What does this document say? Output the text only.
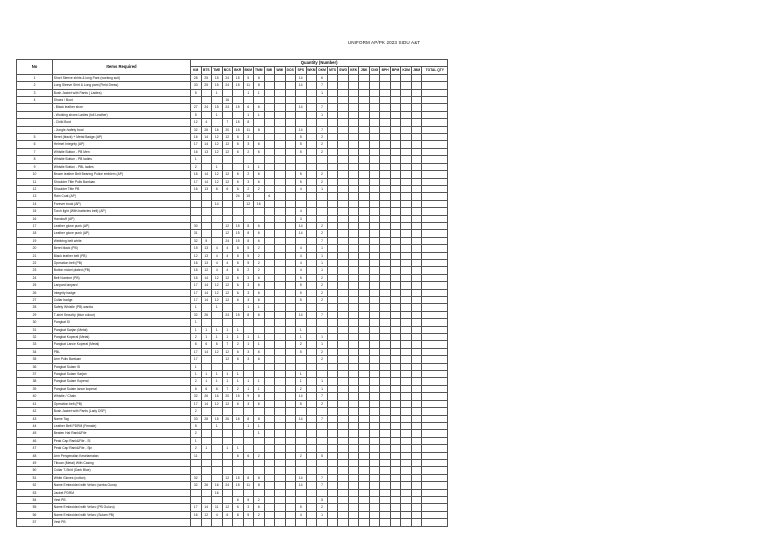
UNIFORM AP/PK 2023 SIDU A&T
No	Items Required	Quantity (Number)																						
		KM	BTS	TME	BCS	BKR	BKM	TMM	SMI	WMI	DOS	SPS	WKM	DKM	MTS	SWG	KEK	JBK	CNG	BPH	BPM	KDM	JBM	TOTAL QTY
1	Short Sleeve shirts & long Pant (working suit)	28	25	15	24	15	5	8				14		6										
2	Long Sleeve Shirt & Long pant (Field Dress)	33	25	15	24	15	11	8				14		7										
3	Bush Jacket with Pants ( Ladies)	5		1			1	1						1										
4	Shoes / Boot				16																			
	- Black leather shoe	27	24	15	24	15	6	6				14		7										
	- Working shoes Ladies (full Leather)	5		1			1	1						1										
	- Child Boot	12	4		7	15	8																	
	- Jungle /safety boot	32	26	16	20	15	11	8				14		7										
5	Beret (black) + Metal Badge (AP)	16	14	12	12	6	3					5		2										
6	Helmet Integrity (AP)	17	14	12	12	6	3	6				5		2										
7	Whistle Button - PB Men	16	13	12	12	6	2	6				5		2										
8	Whistle Button - PB ladies	1																						
9	Whistle Button - PBL ladies	2		1			1	1																
10	Brown leather Belt Bearing Police emblem (AP)	16	14	12	12	6	2	6				5		2										
11	Shoulder Title Polis Bantuan	17	14	12	12	6	3	6				5		2										
12	Shoulder Title PB	16	13	6	6	6	2	2				4		1										
13	Rain Coat (AP)					24	15		6															
14	Forever book (AP)			14			12	16																
15	Torch light (With batteries belt) (AP)											4												
16	Handcuff (AP)											3												
17	Leather glove punk (AP)	30			12	15	8	6				14		2										
18	Leather glove punk (AP)	31			12	15	8	6				14		2										
19	Webbing belt white	32	5		24	15	8	6						7										
20	Beret black (PB)	15	13	4	4	8	5	2				4		1										
21	Black leather belt (PB)	12	13	4	4	8	5	2				4		1										
22	Operation belt (PB)	16	13	4	4	8	5	2				4		1										
23	Button nickel plated (PB)	16	12	4	4	8	2	2				4		1										
24	Belt Number (PB)	16	14	12	12	6	3	6				5		2										
25	Lanyard lanyard	17	14	12	12	6	3	6				5		2										
26	Integrity badge	17	14	12	12	6	3	6				5		2										
27	Collar badge	17	14	12	12	6	3	6				5		2										
28	Safety Whistle (PB) wanita	1		1			1	1																
29	T-shirt Security (blue colour)	32	26		24	15	8	6				14		7										
30	Pangkat SI	1																						
31	Pangkat Sarjan (Metal)	1	1	1	1	1						1												
32	Pangkat Koperal (Metal)	2	1	1	1	1	1	1				1		1										
33	Pangkat Lance Koperal (Metal)	6	6	6	7	2	1	1				2		1										
34	PBL	17	14	12	12	6	3	6				5		2										
35	Arm Polis Bantuan	17			12	6	3	6						2										
36	Pangkat Sulam SI	1																						
37	Pangkat Sulam Sarjan	1	1	1	1	1						1												
38	Pangkat Sulam Koperal	2	1	1	1	1	1	1				1		1										
39	Pangkat Sulam lance koperal	6	6	6	7	2	1	1				2		1										
40	Whistle / Chain	32	26	16	20	15	9	8				14		7										
41	Operation belt (PB)	17	14	12	12	6	3	6				5		2										
42	Bush Jacket with Pants (Lady DSP)	2																						
43	Name Tag	33	28	15	26	18	8	8				14		7										
44	Leather Belt PDRM (Female)	5		1			1	1																
45	Beaten Hat Rank&File	2						1																
46	Peak Cap Rank&File - SI	1																						
47	Peak Cap Rank&File - Sjn	2	1		1	1																		
48	Arm Pengenalan Keselamatan	11				6	6	2				2		5										
49	Tiboan (Metal) With Casing																							
50	Collar T-Shirt (Dark Blue)																							
51	White Gloves (cotton)	32			12	15	8	8				14		7										
52	Name Embroided with Velcro (serba Guna)	32	26	16	24	15	11	8				14		7										
53	Jacket PDRM			16																				
54	Vest PB					6	5	2						5										
55	Name Embroided with Velcro (PB Guluru)	17	14	11	12	6	3	6				5		2										
56	Name Embroided with Velcro (Sulam PB)	16	12	4	6	8	5	2				4		1										
57	Vest PB																							
